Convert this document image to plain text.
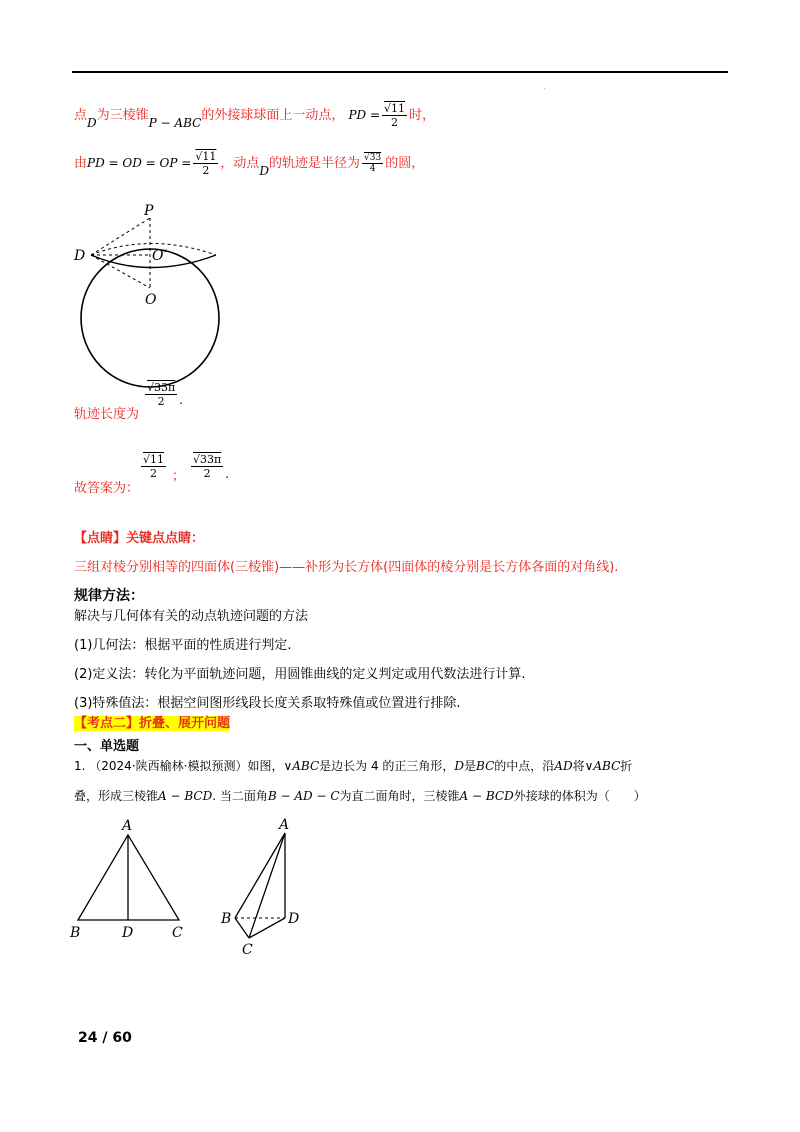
.
点D为三棱锥P − ABC的外接球球面上一动点， PD = $\frac{√11}{2}$ 时，
由PD = OD = OP = $\frac{√11}{2}$ ，动点D的轨迹是半径为 $\frac{√33}{4}$ 的圆，
P
D	O′
O
轨迹长度为
$\frac{√33\pi}{2}$ .
故答案为：
$\frac{√11}{2}$ ； $\frac{√33\pi}{2}$ .
【点睛】关键点点睛：
三组对棱分别相等的四面体(三棱锥)——补形为长方体(四面体的棱分别是长方体各面的对角线).
规律方法：
解决与几何体有关的动点轨迹问题的方法
(1)几何法：根据平面的性质进行判定.
(2)定义法：转化为平面轨迹问题，用圆锥曲线的定义判定或用代数法进行计算.
(3)特殊值法：根据空间图形线段长度关系取特殊值或位置进行排除.
【考点二】折叠、展开问题
一、单选题
1. （2024·陕西榆林·模拟预测）如图，∨ABC是边长为 4 的正三角形，D是BC的中点，沿AD将∨ABC折
叠，形成三棱锥A − BCD. 当二面角B − AD − C为直二面角时，三棱锥A − BCD外接球的体积为（　　）
A
B	D	C
A
B	D
C
24 / 60	·
